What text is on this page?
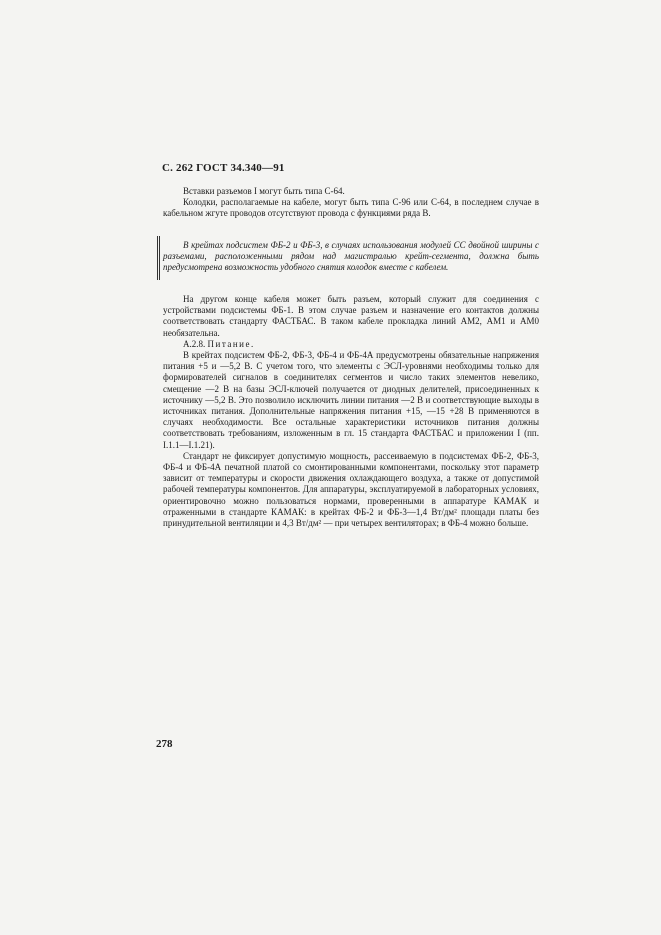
С. 262 ГОСТ 34.340—91

Вставки разъемов I могут быть типа С-64.

Колодки, располагаемые на кабеле, могут быть типа С-96 или С-64, в последнем случае в кабельном жгуте проводов отсутствуют провода с функциями ряда В.

В крейтах подсистем ФБ-2 и ФБ-3, в случаях использования модулей СС двойной ширины с разъемами, расположенными рядом над магистралью крейт-сегмента, должна быть предусмотрена возможность удобного снятия колодок вместе с кабелем.

На другом конце кабеля может быть разъем, который служит для соединения с устройствами подсистемы ФБ-1. В этом случае разъем и назначение его контактов должны соответствовать стандарту ФАСТБАС. В таком кабеле прокладка линий АМ2, АМ1 и АМ0 необязательна.

А.2.8. Питание.

В крейтах подсистем ФБ-2, ФБ-3, ФБ-4 и ФБ-4А предусмотрены обязательные напряжения питания +5 и —5,2 В. С учетом того, что элементы с ЭСЛ-уровнями необходимы только для формирователей сигналов в соединителях сегментов и число таких элементов невелико, смещение —2 В на базы ЭСЛ-ключей получается от диодных делителей, присоединенных к источнику —5,2 В. Это позволило исключить линии питания —2 В и соответствующие выходы в источниках питания. Дополнительные напряжения питания +15, —15 +28 В применяются в случаях необходимости. Все остальные характеристики источников питания должны соответствовать требованиям, изложенным в гл. 15 стандарта ФАСТБАС и приложении I (пп. I.1.1—I.1.21).

Стандарт не фиксирует допустимую мощность, рассеиваемую в подсистемах ФБ-2, ФБ-3, ФБ-4 и ФБ-4А печатной платой со смонтированными компонентами, поскольку этот параметр зависит от температуры и скорости движения охлаждающего воздуха, а также от допустимой рабочей температуры компонентов. Для аппаратуры, эксплуатируемой в лабораторных условиях, ориентировочно можно пользоваться нормами, проверенными в аппаратуре КАМАК и отраженными в стандарте КАМАК: в крейтах ФБ-2 и ФБ-3—1,4 Вт/дм² площади платы без принудительной вентиляции и 4,3 Вт/дм² — при четырех вентиляторах; в ФБ-4 можно больше.

278
